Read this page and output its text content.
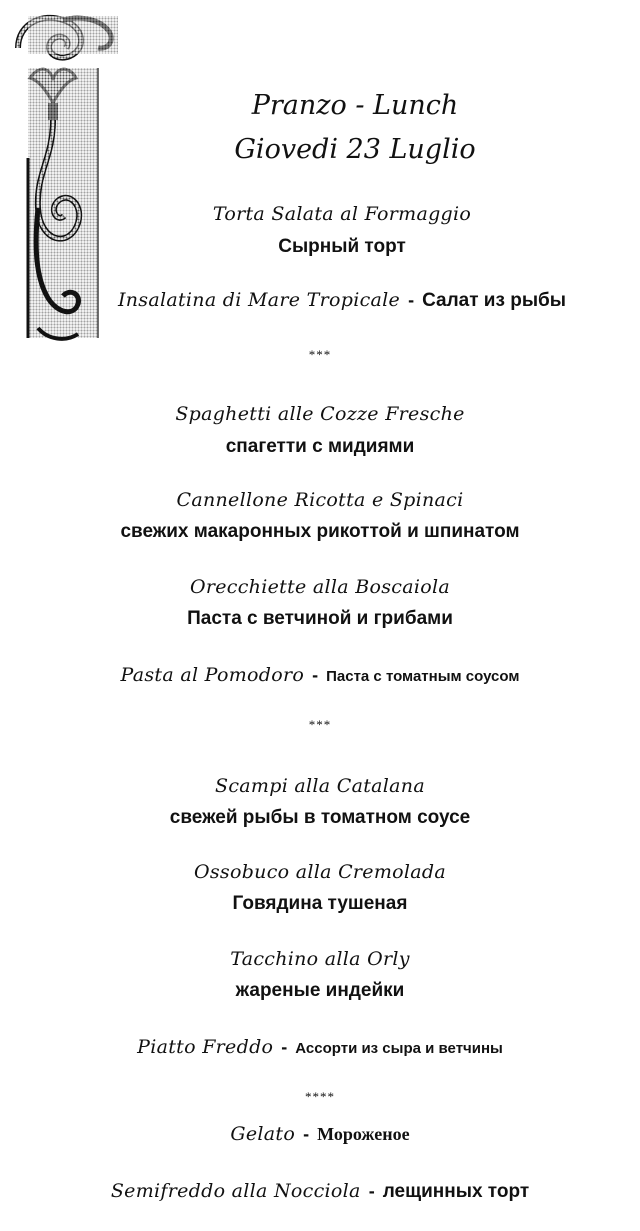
Pranzo - Lunch
Giovedi 23 Luglio
Torta Salata al Formaggio
Сырный торт
Insalatina di Mare Tropicale - Салат из рыбы
***
Spaghetti alle Cozze Fresche
спагетти с мидиями
Cannellone Ricotta e Spinaci
свежих макаронных рикоттой и шпинатом
Orecchiette alla Boscaiola
Паста с ветчиной и грибами
Pasta al Pomodoro - Паста с томатным соусом
***
Scampi alla Catalana
свежей рыбы в томатном соусе
Ossobuco alla Cremolada
Говядина тушеная
Tacchino alla Orly
жареные индейки
Piatto Freddo - Ассорти из сыра и ветчины
****
Gelato - Мороженое
Semifreddo alla Nocciola - лещинных торт
